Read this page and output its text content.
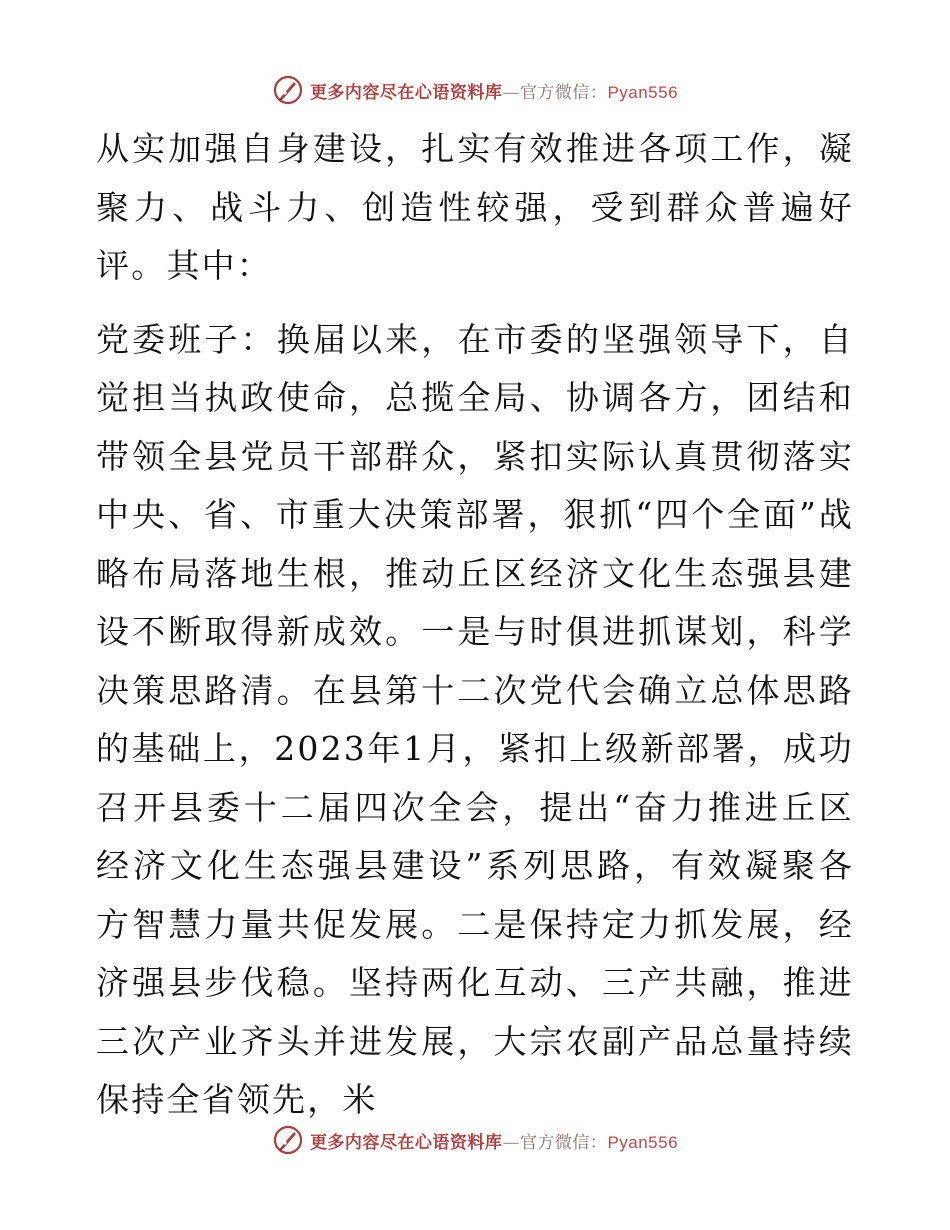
更多内容尽在心语资料库—官方微信：Pyan556

从实加强自身建设，扎实有效推进各项工作，凝聚力、战斗力、创造性较强，受到群众普遍好评。其中：

党委班子：换届以来，在市委的坚强领导下，自觉担当执政使命，总揽全局、协调各方，团结和带领全县党员干部群众，紧扣实际认真贯彻落实中央、省、市重大决策部署，狠抓“四个全面”战略布局落地生根，推动丘区经济文化生态强县建设不断取得新成效。一是与时俱进抓谋划，科学决策思路清。在县第十二次党代会确立总体思路的基础上，2023年1月，紧扣上级新部署，成功召开县委十二届四次全会，提出“奋力推进丘区经济文化生态强县建设”系列思路，有效凝聚各方智慧力量共促发展。二是保持定力抓发展，经济强县步伐稳。坚持两化互动、三产共融，推进三次产业齐头并进发展，大宗农副产品总量持续保持全省领先，米

更多内容尽在心语资料库—官方微信：Pyan556
